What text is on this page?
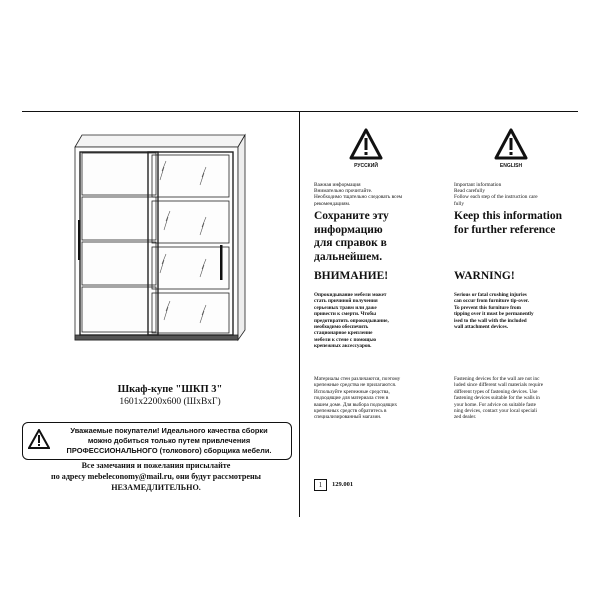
Шкаф-купе "ШКП 3"
1601x2200x600 (ШхВхГ)
Уважаемые покупатели! Идеального качества сборки
можно добиться только путем привлечения
ПРОФЕССИОНАЛЬНОГО (толкового) сборщика мебели.
Все замечания и пожелания присылайте
по адресу mebeleconomy@mail.ru, они будут рассмотрены
НЕЗАМЕДЛИТЕЛЬНО.
РУССКИЙ
Важная информация
Внимательно прочитайте.
Необходимо тщательно следовать всем
рекомендациям.
Сохраните эту
информацию
для справок в
дальнейшем.
ВНИМАНИЕ!
Опрокидывание мебели может
стать причиной получения
серьезных травм или даже
привести к смерти. Чтобы
предотвратить опрокидывание,
необходимо обеспечить
стационарное крепление
мебели к стене с помощью
крепежных аксессуаров.
Материалы стен различаются, поэтому
крепежные средства не прилагаются.
Используйте крепежные средства,
подходящие для материала стен в
вашем доме. Для выбора подходящих
крепежных средств обратитесь в
специализированный магазин.
ENGLISH
Important information
Read carefully
Follow each step of the instruction care
fully
Keep this information
for further reference
WARNING!
Serious or fatal crushing injuries
can occur from furniture tip-over.
To prevent this furniture from
tipping over it must be permanently
ised to the wall with the included
wall attachment devices.
Fastening devices for the wall are not inc
luded since different wall materials require
different types of fastening devices. Use
fastening devices suitable for the walls in
your home. For advice on suitable faste
ning devices, contact your local speciali
zed dealer.
1	129.001
